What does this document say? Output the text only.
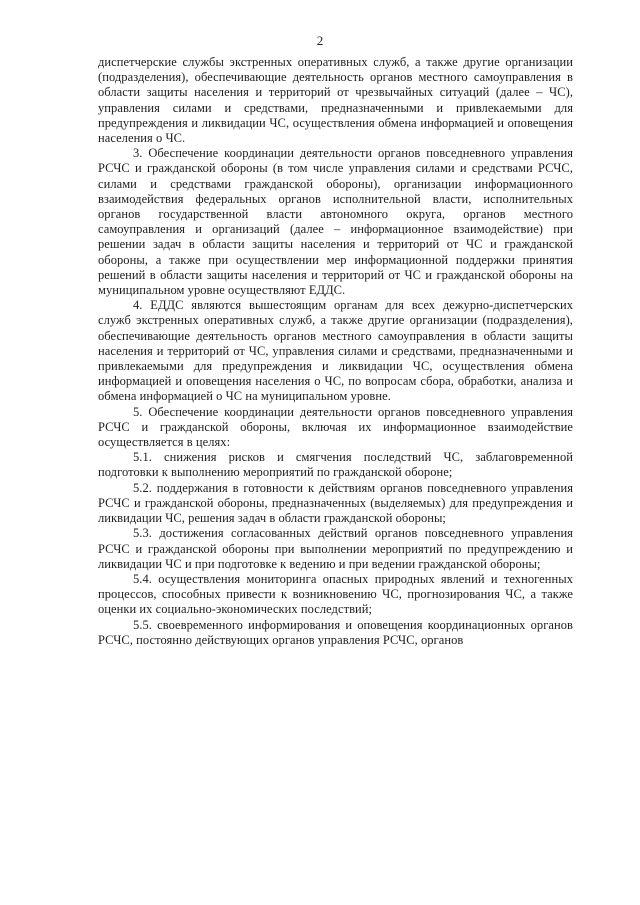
2

диспетчерские службы экстренных оперативных служб, а также другие организации (подразделения), обеспечивающие деятельность органов местного самоуправления в области защиты населения и территорий от чрезвычайных ситуаций (далее – ЧС), управления силами и средствами, предназначенными и привлекаемыми для предупреждения и ликвидации ЧС, осуществления обмена информацией и оповещения населения о ЧС.

3. Обеспечение координации деятельности органов повседневного управления РСЧС и гражданской обороны (в том числе управления силами и средствами РСЧС, силами и средствами гражданской обороны), организации информационного взаимодействия федеральных органов исполнительной власти, исполнительных органов государственной власти автономного округа, органов местного самоуправления и организаций (далее – информационное взаимодействие) при решении задач в области защиты населения и территорий от ЧС и гражданской обороны, а также при осуществлении мер информационной поддержки принятия решений в области защиты населения и территорий от ЧС и гражданской обороны на муниципальном уровне осуществляют ЕДДС.

4. ЕДДС являются вышестоящим органам для всех дежурно-диспетчерских служб экстренных оперативных служб, а также другие организации (подразделения), обеспечивающие деятельность органов местного самоуправления в области защиты населения и территорий от ЧС, управления силами и средствами, предназначенными и привлекаемыми для предупреждения и ликвидации ЧС, осуществления обмена информацией и оповещения населения о ЧС, по вопросам сбора, обработки, анализа и обмена информацией о ЧС на муниципальном уровне.

5. Обеспечение координации деятельности органов повседневного управления РСЧС и гражданской обороны, включая их информационное взаимодействие осуществляется в целях:

5.1. снижения рисков и смягчения последствий ЧС, заблаговременной подготовки к выполнению мероприятий по гражданской обороне;

5.2. поддержания в готовности к действиям органов повседневного управления РСЧС и гражданской обороны, предназначенных (выделяемых) для предупреждения и ликвидации ЧС, решения задач в области гражданской обороны;

5.3. достижения согласованных действий органов повседневного управления РСЧС и гражданской обороны при выполнении мероприятий по предупреждению и ликвидации ЧС и при подготовке к ведению и при ведении гражданской обороны;

5.4. осуществления мониторинга опасных природных явлений и техногенных процессов, способных привести к возникновению ЧС, прогнозирования ЧС, а также оценки их социально-экономических последствий;

5.5. своевременного информирования и оповещения координационных органов РСЧС, постоянно действующих органов управления РСЧС, органов
